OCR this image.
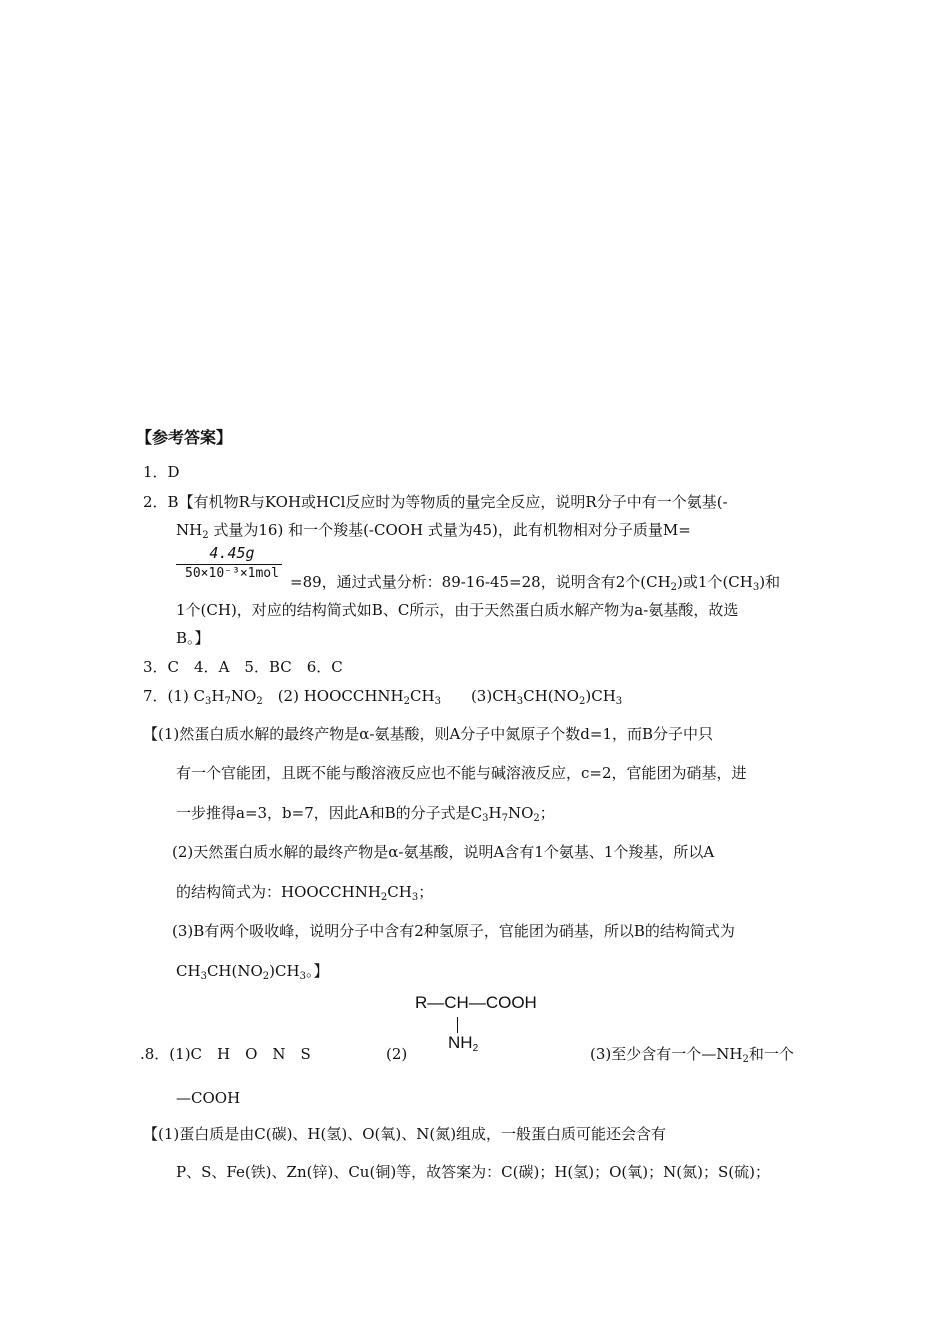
【参考答案】
1．D
2．B【有机物R与KOH或HCl反应时为等物质的量完全反应，说明R分子中有一个氨基(-
$NH_2$ 式量为16) 和一个羧基(-COOH 式量为45)，此有机物相对分子质量M=
4.45g
50×10⁻³×1mol =89，通过式量分析：89-16-45=28，说明含有2个$(CH_2)$或1个$(CH_3)$和
1个(CH)，对应的结构简式如B、C所示，由于天然蛋白质水解产物为a-氨基酸，故选
B。】
3．C　4．A　5．BC　6．C
7．(1) $C_3H_7NO_2$　(2) $HOOCCHNH_2CH_3$　　$(3)CH_3CH(NO_2)CH_3$
【(1)然蛋白质水解的最终产物是α-氨基酸，则A分子中氮原子个数d=1，而B分子中只
有一个官能团，且既不能与酸溶液反应也不能与碱溶液反应，c=2，官能团为硝基，进
一步推得a=3，b=7，因此A和B的分子式是$C_3H_7NO_2$；
(2)天然蛋白质水解的最终产物是α-氨基酸，说明A含有1个氨基、1个羧基，所以A
的结构简式为：$HOOCCHNH_2CH_3$；
(3)B有两个吸收峰，说明分子中含有2种氢原子，官能团为硝基，所以B的结构简式为
$CH_3CH(NO_2)CH_3$。】
.8．(1)C　H　O　N　S	(2)
R—CH—COOH
$NH_2$	(3)至少含有一个$—NH_2$和一个
—COOH
【(1)蛋白质是由C(碳)、H(氢)、O(氧)、N(氮)组成，一般蛋白质可能还会含有
P、S、Fe(铁)、Zn(锌)、Cu(铜)等，故答案为：C(碳)；H(氢)；O(氧)；N(氮)；S(硫)；
